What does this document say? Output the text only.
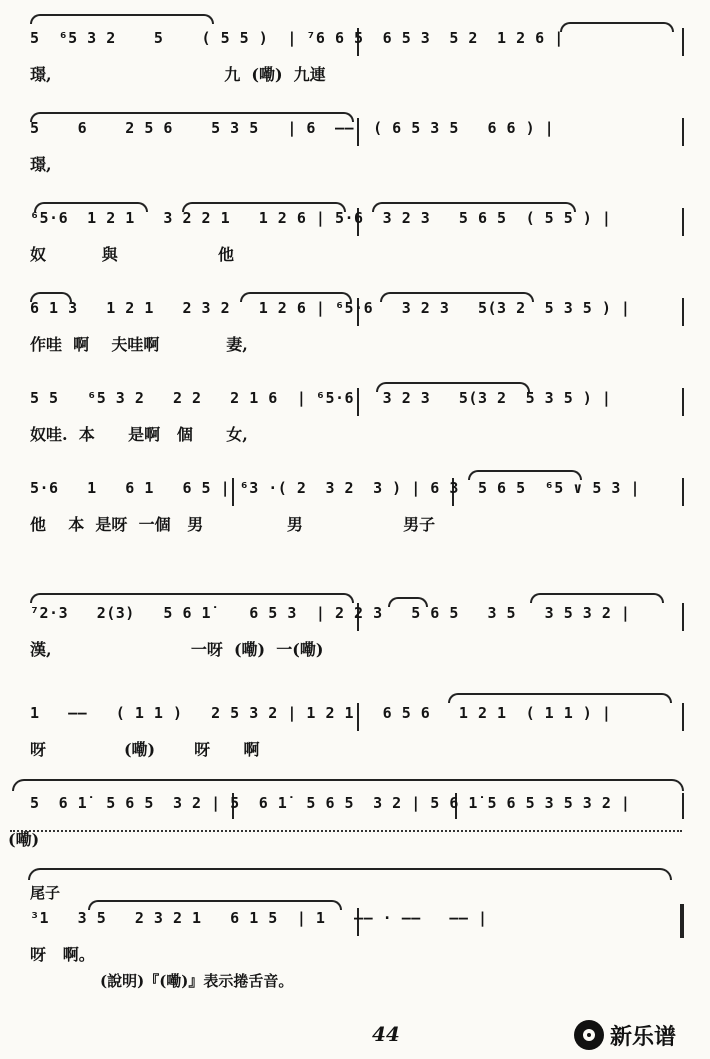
5  ⁶5 3 2    5    ( 5 5 )  | ⁷6 6 5  6 5 3  5 2  1 2 6 |
璟,                               九  (嘞)  九連
5    6    2 5 6    5 3 5   | 6  ——  ( 6 5 3 5   6 6 ) |
璟,
⁶5·6  1 2 1   3 2 2 1   1 2 6 | 5·6  3 2 3   5 6 5  ( 5 5 ) |
奴          與                  他
6 1 3   1 2 1   2 3 2   1 2 6 | ⁶5·6   3 2 3   5(3 2  5 3 5 ) |
作哇  啊    夫哇啊            妻,
5 5   ⁶5 3 2   2 2   2 1 6  | ⁶5·6   3 2 3   5(3 2  5 3 5 ) |
奴哇.  本      是啊   個      女,
5·6   1   6 1   6 5 | ⁶3 ·( 2  3 2  3 ) | 6 3  5 6 5  ⁶5 ∨ 5 3 |
他    本  是呀  一個   男               男                  男子
⁷2·3   2(3)   5 6 1̇    6 5 3  | 2 2 3   5 6 5   3 5   3 5 3 2 |
漢,                         一呀  (嘞)  一(嘞)
1   ——   ( 1 1 )   2 5 3 2 | 1 2 1   6 5 6   1 2 1  ( 1 1 ) |
呀              (嘞)       呀      啊
5  6 1̇  5 6 5  3 2 | 5  6 1̇  5 6 5  3 2 | 5 6 1̇ 5 6 5 3 5 3 2 |
(嘞)
尾子
³1   3 5   2 3 2 1   6 1 5  | 1   —— · ——   —— |
呀   啊。
(說明)『(嘞)』表示捲舌音。
44	新乐谱
